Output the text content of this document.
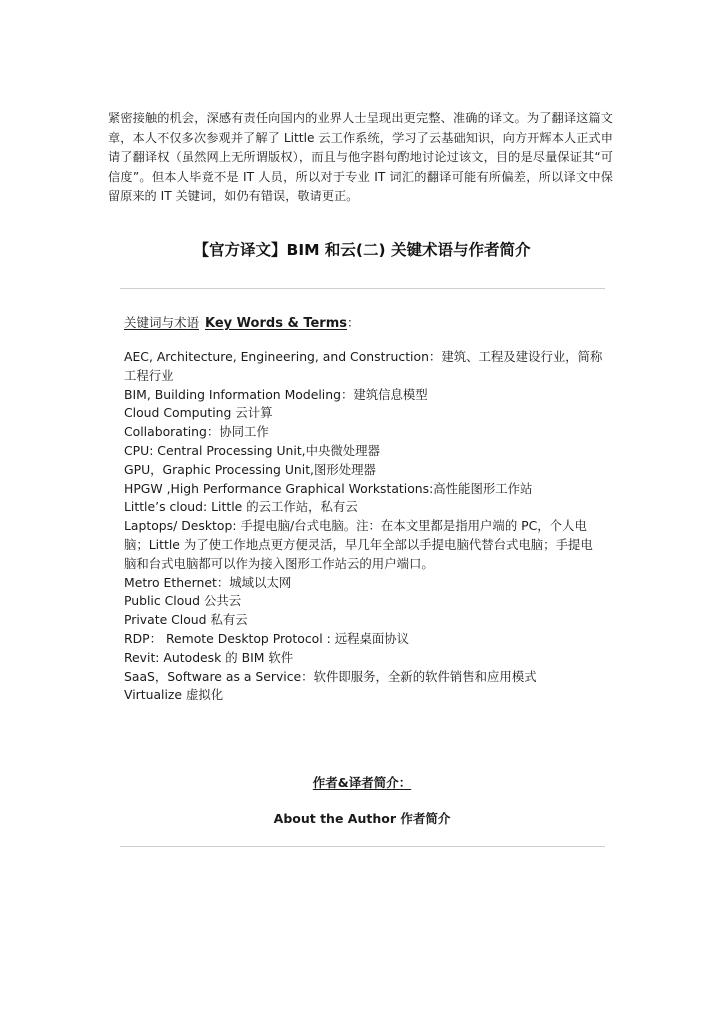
紧密接触的机会，深感有责任向国内的业界人士呈现出更完整、准确的译文。为了翻译这篇文章，本人不仅多次参观并了解了 Little 云工作系统，学习了云基础知识，向方开辉本人正式申请了翻译权（虽然网上无所谓版权），而且与他字斟句酌地讨论过该文，目的是尽量保证其“可信度”。但本人毕竟不是 IT 人员，所以对于专业 IT 词汇的翻译可能有所偏差，所以译文中保留原来的 IT 关键词，如仍有错误，敬请更正。

【官方译文】BIM 和云(二) 关键术语与作者简介
关键词与术语 Key Words & Terms：
AEC, Architecture, Engineering, and Construction：建筑、工程及建设行业，简称工程行业
BIM, Building Information Modeling：建筑信息模型
Cloud Computing 云计算
Collaborating：协同工作
CPU: Central Processing Unit,中央微处理器
GPU，Graphic Processing Unit,图形处理器
HPGW ,High Performance Graphical Workstations:高性能图形工作站
Little’s cloud: Little 的云工作站，私有云
Laptops/ Desktop: 手提电脑/台式电脑。注：在本文里都是指用户端的 PC，个人电脑；Little 为了使工作地点更方便灵活，早几年全部以手提电脑代替台式电脑；手提电脑和台式电脑都可以作为接入图形工作站云的用户端口。
Metro Ethernet：城域以太网
Public Cloud 公共云
Private Cloud 私有云
RDP： Remote Desktop Protocol : 远程桌面协议
Revit: Autodesk 的 BIM 软件
SaaS，Software as a Service：软件即服务，全新的软件销售和应用模式
Virtualize 虚拟化
作者&译者简介：
About the Author 作者简介
